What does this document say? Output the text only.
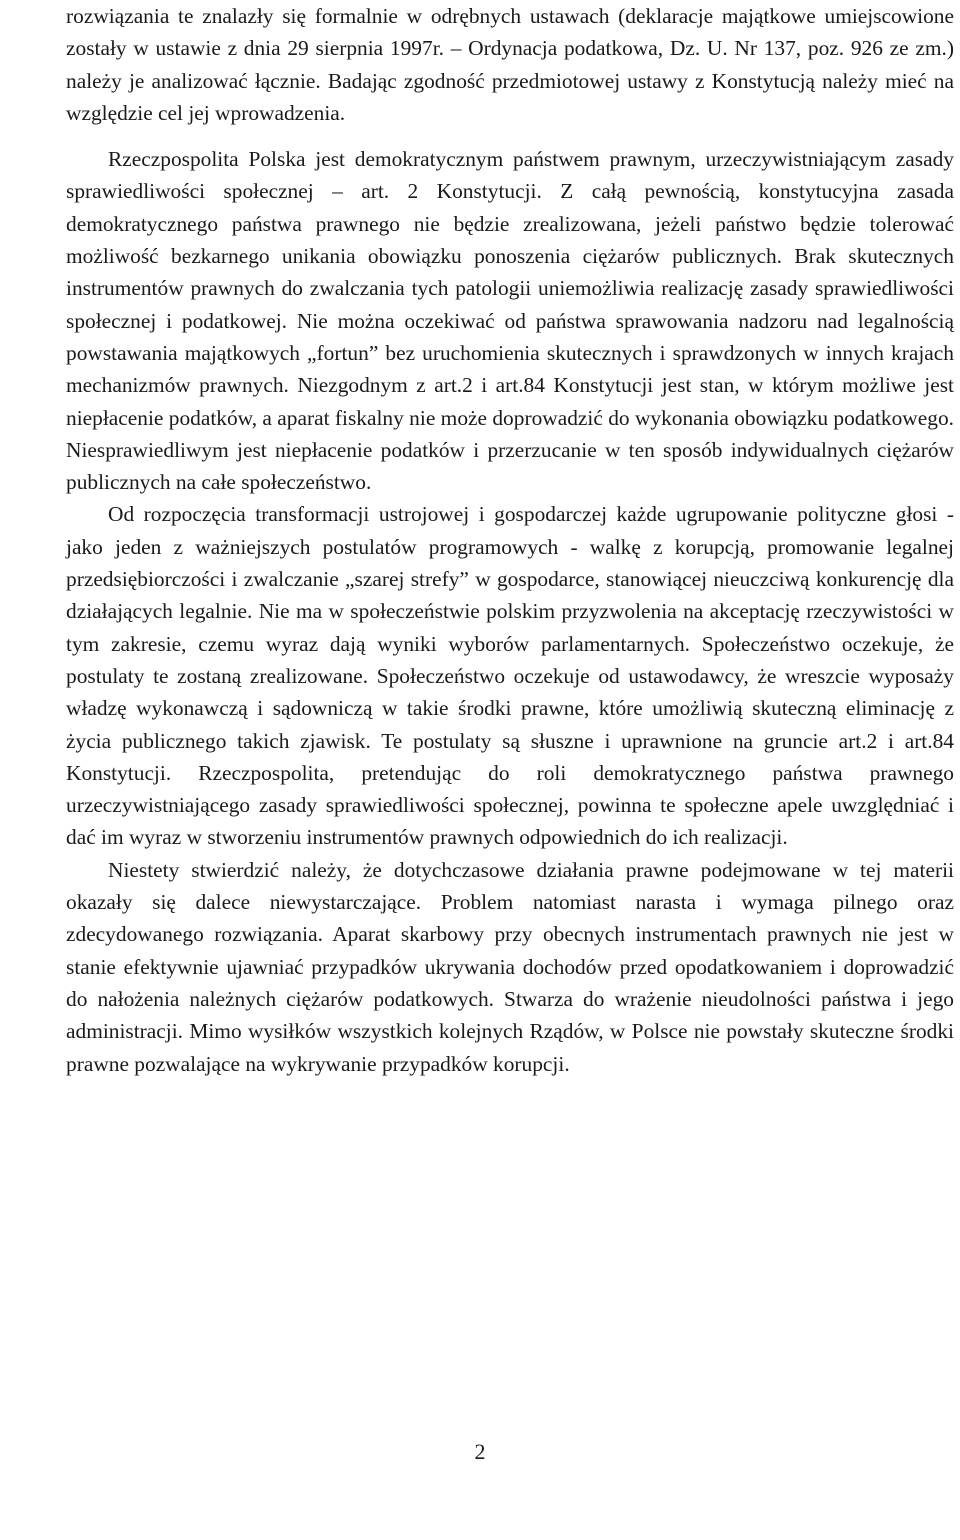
rozwiązania te znalazły się formalnie w odrębnych ustawach (deklaracje majątkowe umiejscowione zostały w ustawie z dnia 29 sierpnia 1997r. – Ordynacja podatkowa, Dz. U. Nr 137, poz. 926 ze zm.) należy je analizować łącznie. Badając zgodność przedmiotowej ustawy z Konstytucją należy mieć na względzie cel jej wprowadzenia.

Rzeczpospolita Polska jest demokratycznym państwem prawnym, urzeczywistniającym zasady sprawiedliwości społecznej – art. 2 Konstytucji. Z całą pewnością, konstytucyjna zasada demokratycznego państwa prawnego nie będzie zrealizowana, jeżeli państwo będzie tolerować możliwość bezkarnego unikania obowiązku ponoszenia ciężarów publicznych. Brak skutecznych instrumentów prawnych do zwalczania tych patologii uniemożliwia realizację zasady sprawiedliwości społecznej i podatkowej. Nie można oczekiwać od państwa sprawowania nadzoru nad legalnością powstawania majątkowych „fortun” bez uruchomienia skutecznych i sprawdzonych w innych krajach mechanizmów prawnych. Niezgodnym z art.2 i art.84 Konstytucji jest stan, w którym możliwe jest niepłacenie podatków, a aparat fiskalny nie może doprowadzić do wykonania obowiązku podatkowego. Niesprawiedliwym jest niepłacenie podatków i przerzucanie w ten sposób indywidualnych ciężarów publicznych na całe społeczeństwo.

Od rozpoczęcia transformacji ustrojowej i gospodarczej każde ugrupowanie polityczne głosi - jako jeden z ważniejszych postulatów programowych - walkę z korupcją, promowanie legalnej przedsiębiorczości i zwalczanie „szarej strefy” w gospodarce, stanowiącej nieuczciwą konkurencję dla działających legalnie. Nie ma w społeczeństwie polskim przyzwolenia na akceptację rzeczywistości w tym zakresie, czemu wyraz dają wyniki wyborów parlamentarnych. Społeczeństwo oczekuje, że postulaty te zostaną zrealizowane. Społeczeństwo oczekuje od ustawodawcy, że wreszcie wyposaży władzę wykonawczą i sądowniczą w takie środki prawne, które umożliwią skuteczną eliminację z życia publicznego takich zjawisk. Te postulaty są słuszne i uprawnione na gruncie art.2 i art.84 Konstytucji. Rzeczpospolita, pretendując do roli demokratycznego państwa prawnego urzeczywistniającego zasady sprawiedliwości społecznej, powinna te społeczne apele uwzględniać i dać im wyraz w stworzeniu instrumentów prawnych odpowiednich do ich realizacji.

Niestety stwierdzić należy, że dotychczasowe działania prawne podejmowane w tej materii okazały się dalece niewystarczające. Problem natomiast narasta i wymaga pilnego oraz zdecydowanego rozwiązania. Aparat skarbowy przy obecnych instrumentach prawnych nie jest w stanie efektywnie ujawniać przypadków ukrywania dochodów przed opodatkowaniem i doprowadzić do nałożenia należnych ciężarów podatkowych. Stwarza do wrażenie nieudolności państwa i jego administracji. Mimo wysiłków wszystkich kolejnych Rządów, w Polsce nie powstały skuteczne środki prawne pozwalające na wykrywanie przypadków korupcji.

2
